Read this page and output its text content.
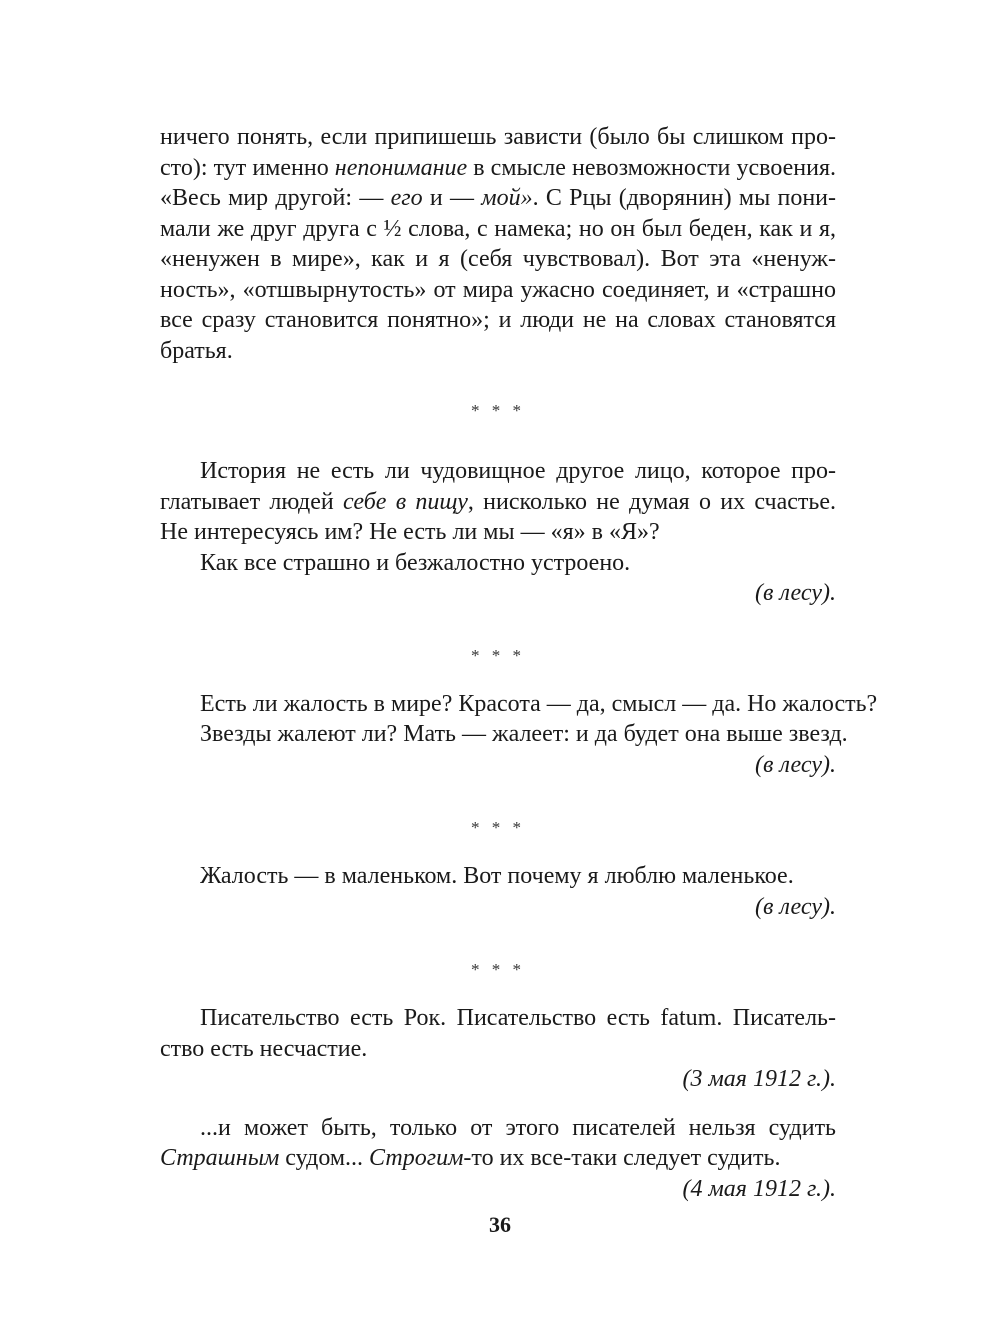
ничего понять, если припишешь зависти (было бы слишком про-
сто): тут именно непонимание в смысле невозможности усвоения.
«Весь мир другой: — его и — мой». С Рцы (дворянин) мы пони-
мали же друг друга с ½ слова, с намека; но он был беден, как и я,
«ненужен в мире», как и я (себя чувствовал). Вот эта «ненуж-
ность», «отшвырнутость» от мира ужасно соединяет, и «страшно
все сразу становится понятно»; и люди не на словах становятся
братья.
* * *
История не есть ли чудовищное другое лицо, которое про-
глатывает людей себе в пищу, нисколько не думая о их счастье.
Не интересуясь им? Не есть ли мы — «я» в «Я»?
Как все страшно и безжалостно устроено.
(в лесу).
* * *
Есть ли жалость в мире? Красота — да, смысл — да. Но жалость?
Звезды жалеют ли? Мать — жалеет: и да будет она выше звезд.
(в лесу).
* * *
Жалость — в маленьком. Вот почему я люблю маленькое.
(в лесу).
* * *
Писательство есть Рок. Писательство есть fatum. Писатель-
ство есть несчастие.
(3 мая 1912 г.).
...и может быть, только от этого писателей нельзя судить
Страшным судом... Строгим-то их все-таки следует судить.
(4 мая 1912 г.).
36
